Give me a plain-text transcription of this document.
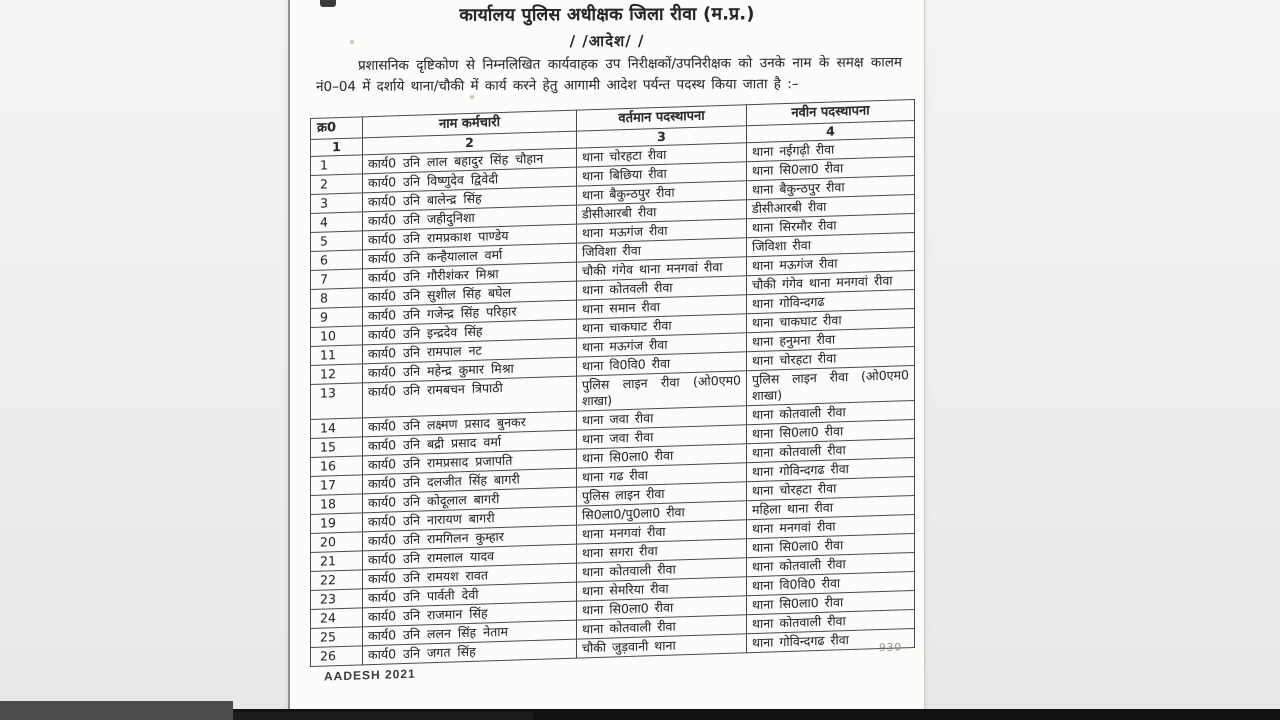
कार्यालय पुलिस अधीक्षक जिला रीवा (म.प्र.)
/ /आदेश/ /
प्रशासनिक दृष्टिकोण से निम्नलिखित कार्यवाहक उप निरीक्षकों/उपनिरीक्षक को उनके नाम के समक्ष कालम नं0–04 में दर्शाये थाना/चौकी में कार्य करने हेतु आगामी आदेश पर्यन्त पदस्थ किया जाता है :–
क्र0	नाम कर्मचारी	वर्तमान पदस्थापना	नवीन पदस्थापना
1	2	3	4
1	कार्य0 उनि लाल बहादुर सिंह चौहान	थाना चोरहटा रीवा	थाना नईगढ़ी रीवा
2	कार्य0 उनि विष्णुदेव द्विवेदी	थाना बिछिया रीवा	थाना सि0ला0 रीवा
3	कार्य0 उनि बालेन्द्र सिंह	थाना बैकुन्ठपुर रीवा	थाना बैकुन्ठपुर रीवा
4	कार्य0 उनि जहीदुनिशा	डीसीआरबी रीवा	डीसीआरबी रीवा
5	कार्य0 उनि रामप्रकाश पाण्डेय	थाना मऊगंज रीवा	थाना सिरमौर रीवा
6	कार्य0 उनि कन्हैयालाल वर्मा	जिविशा रीवा	जिविशा रीवा
7	कार्य0 उनि गौरीशंकर मिश्रा	चौकी गंगेव थाना मनगवां रीवा	थाना मऊगंज रीवा
8	कार्य0 उनि सुशील सिंह बघेल	थाना कोतवली रीवा	चौकी गंगेव थाना मनगवां रीवा
9	कार्य0 उनि गजेन्द्र सिंह परिहार	थाना समान रीवा	थाना गोविन्दगढ
10	कार्य0 उनि इन्द्रदेव सिंह	थाना चाकघाट रीवा	थाना चाकघाट रीवा
11	कार्य0 उनि रामपाल नट	थाना मऊगंज रीवा	थाना हनुमना रीवा
12	कार्य0 उनि महेन्द्र कुमार मिश्रा	थाना वि0वि0 रीवा	थाना चोरहटा रीवा
13	कार्य0 उनि रामबचन त्रिपाठी	पुलिस लाइन रीवा (ओ0एम0 शाखा)	पुलिस लाइन रीवा (ओ0एम0 शाखा)
14	कार्य0 उनि लक्ष्मण प्रसाद बुनकर	थाना जवा रीवा	थाना कोतवाली रीवा
15	कार्य0 उनि बद्री प्रसाद वर्मा	थाना जवा रीवा	थाना सि0ला0 रीवा
16	कार्य0 उनि रामप्रसाद प्रजापति	थाना सि0ला0 रीवा	थाना कोतवाली रीवा
17	कार्य0 उनि दलजीत सिंह बागरी	थाना गढ रीवा	थाना गोविन्दगढ रीवा
18	कार्य0 उनि कोदूलाल बागरी	पुलिस लाइन रीवा	थाना चोरहटा रीवा
19	कार्य0 उनि नारायण बागरी	सि0ला0/पु0ला0 रीवा	महिला थाना रीवा
20	कार्य0 उनि रामगिलन कुम्हार	थाना मनगवां रीवा	थाना मनगवां रीवा
21	कार्य0 उनि रामलाल यादव	थाना सगरा रीवा	थाना सि0ला0 रीवा
22	कार्य0 उनि रामयश रावत	थाना कोतवाली रीवा	थाना कोतवाली रीवा
23	कार्य0 उनि पार्वती देवी	थाना सेमरिया रीवा	थाना वि0वि0 रीवा
24	कार्य0 उनि राजमान सिंह	थाना सि0ला0 रीवा	थाना सि0ला0 रीवा
25	कार्य0 उनि ललन सिंह नेताम	थाना कोतवाली रीवा	थाना कोतवाली रीवा
26	कार्य0 उनि जगत सिंह	चौकी जुड़वानी थाना	थाना गोविन्दगढ रीवा
AADESH 2021
930
